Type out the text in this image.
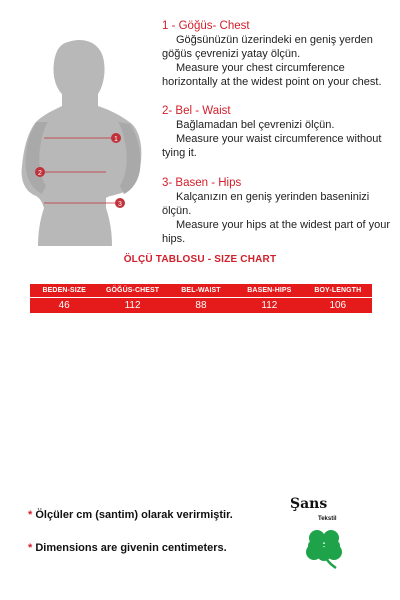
1
2
3
1 - Göğüs- Chest
Göğsünüzün üzerindeki en geniş yerden göğüs çevrenizi yatay ölçün.
Measure your chest circumference horizontally at the widest point on your chest.
2- Bel - Waist
Bağlamadan bel çevrenizi ölçün.
Measure your waist circumference without tying it.
3- Basen - Hips
Kalçanızın en geniş yerinden baseninizi ölçün.
Measure your hips at the widest part of your hips.
ÖLÇÜ TABLOSU - SIZE CHART
BEDEN-SIZE	GÖĞÜS-CHEST	BEL-WAIST	BASEN-HIPS	BOY-LENGTH
46	112	88	112	106
* Ölçüler cm (santim) olarak verirmiştir.
* Dimensions are givenin centimeters.
Şans
Tekstil
